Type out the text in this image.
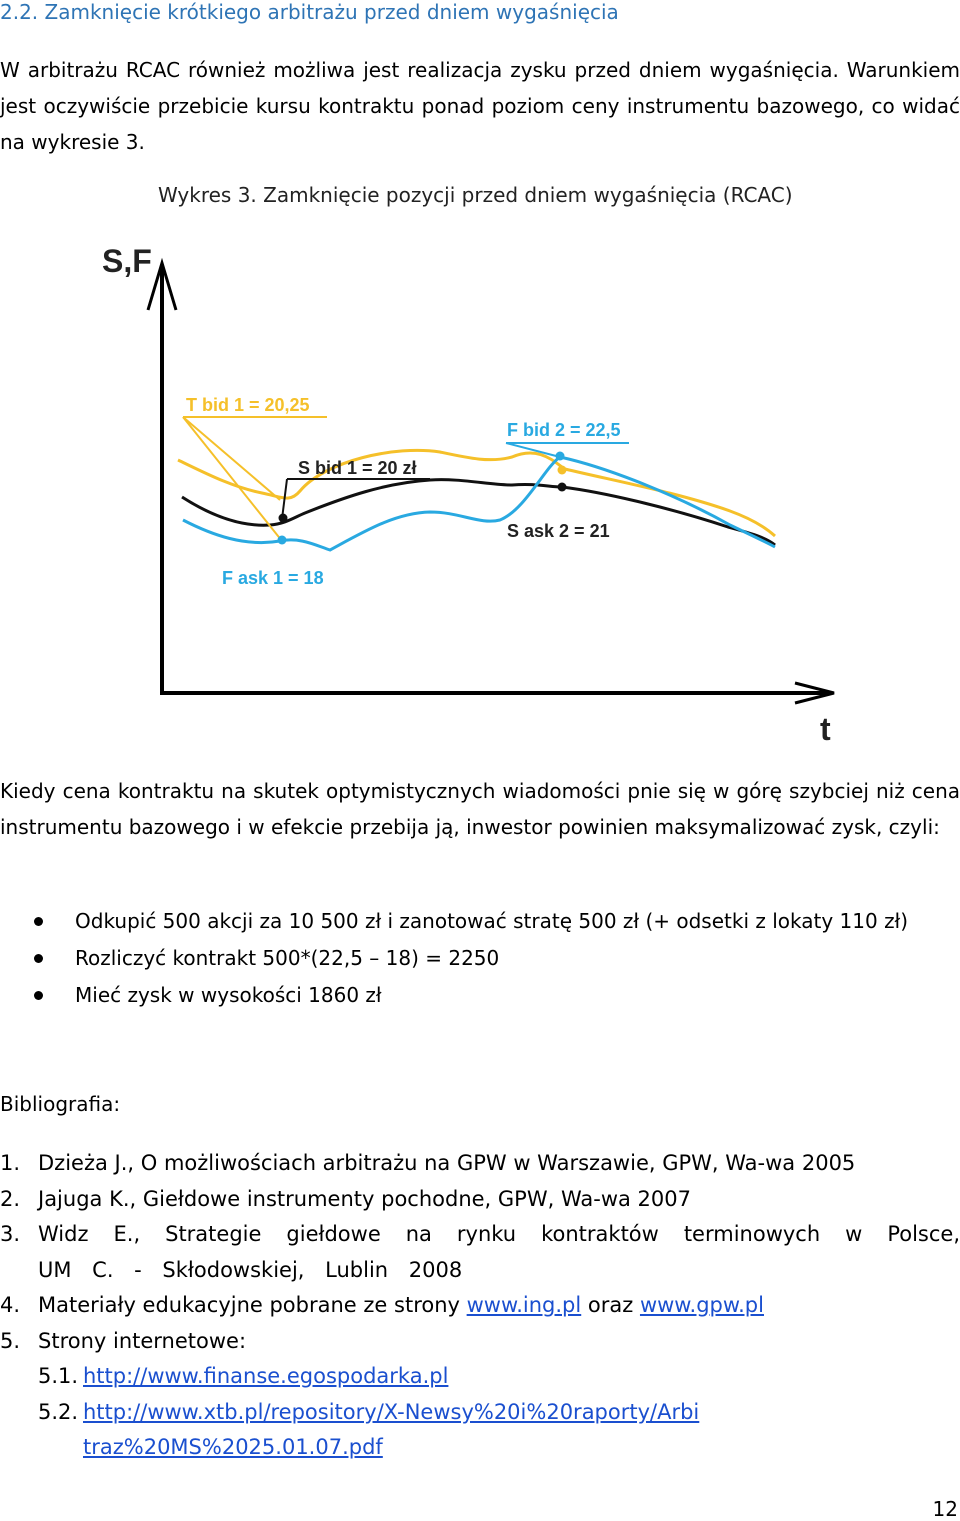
2.2. Zamknięcie krótkiego arbitrażu przed dniem wygaśnięcia
W arbitrażu RCAC również możliwa jest realizacja zysku przed dniem wygaśnięcia. Warunkiem jest oczywiście przebicie kursu kontraktu ponad poziom ceny instrumentu bazowego, co widać na wykresie 3.
Wykres 3. Zamknięcie pozycji przed dniem wygaśnięcia (RCAC)
S,F
t
T bid 1 = 20,25
F bid 2 = 22,5
S bid 1 = 20 zł
S ask 2 = 21
F ask 1 = 18
Kiedy cena kontraktu na skutek optymistycznych wiadomości pnie się w górę szybciej niż cena instrumentu bazowego i w efekcie przebija ją, inwestor powinien maksymalizować zysk, czyli:
Odkupić 500 akcji za 10 500 zł i zanotować stratę 500 zł (+ odsetki z lokaty 110 zł)
Rozliczyć kontrakt 500*(22,5 – 18) = 2250
Mieć zysk w wysokości 1860 zł
Bibliografia:
1. Dzieża J., O możliwościach arbitrażu na GPW w Warszawie, GPW, Wa-wa 2005
2. Jajuga K., Giełdowe instrumenty pochodne, GPW, Wa-wa 2007
3. Widz E., Strategie giełdowe na rynku kontraktów terminowych w Polsce, UM C. - Skłodowskiej, Lublin 2008
4. Materiały edukacyjne pobrane ze strony www.ing.pl oraz www.gpw.pl
5. Strony internetowe:
5.1. http://www.finanse.egospodarka.pl
5.2. http://www.xtb.pl/repository/X-Newsy%20i%20raporty/Arbitraz%20MS%2025.01.07.pdf
12
